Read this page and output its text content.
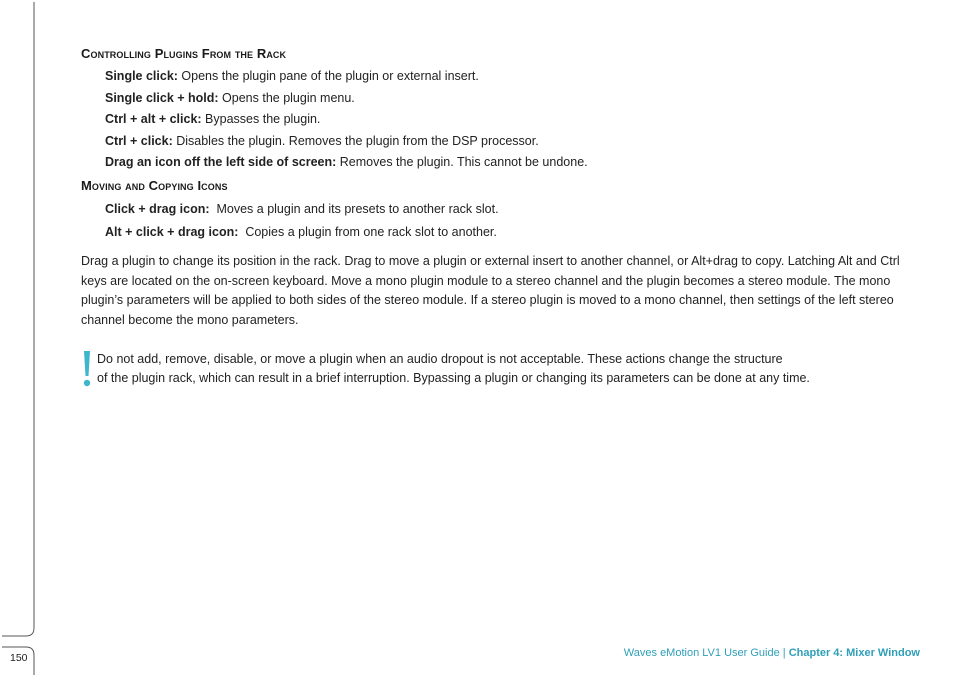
Controlling Plugins From the Rack

Single click: Opens the plugin pane of the plugin or external insert.

Single click + hold: Opens the plugin menu.

Ctrl + alt + click: Bypasses the plugin.

Ctrl + click: Disables the plugin. Removes the plugin from the DSP processor.

Drag an icon off the left side of screen: Removes the plugin. This cannot be undone.

Moving and Copying Icons

Click + drag icon:  Moves a plugin and its presets to another rack slot.

Alt + click + drag icon:  Copies a plugin from one rack slot to another.

Drag a plugin to change its position in the rack. Drag to move a plugin or external insert to another channel, or Alt+drag to copy. Latching Alt and Ctrl keys are located on the on-screen keyboard. Move a mono plugin module to a stereo channel and the plugin becomes a stereo module. The mono plugin’s parameters will be applied to both sides of the stereo module. If a stereo plugin is moved to a mono channel, then settings of the left stereo channel become the mono parameters.

Do not add, remove, disable, or move a plugin when an audio dropout is not acceptable. These actions change the structure
of the plugin rack, which can result in a brief interruption. Bypassing a plugin or changing its parameters can be done at any time.
Waves eMotion LV1 User Guide | Chapter 4: Mixer Window
150
